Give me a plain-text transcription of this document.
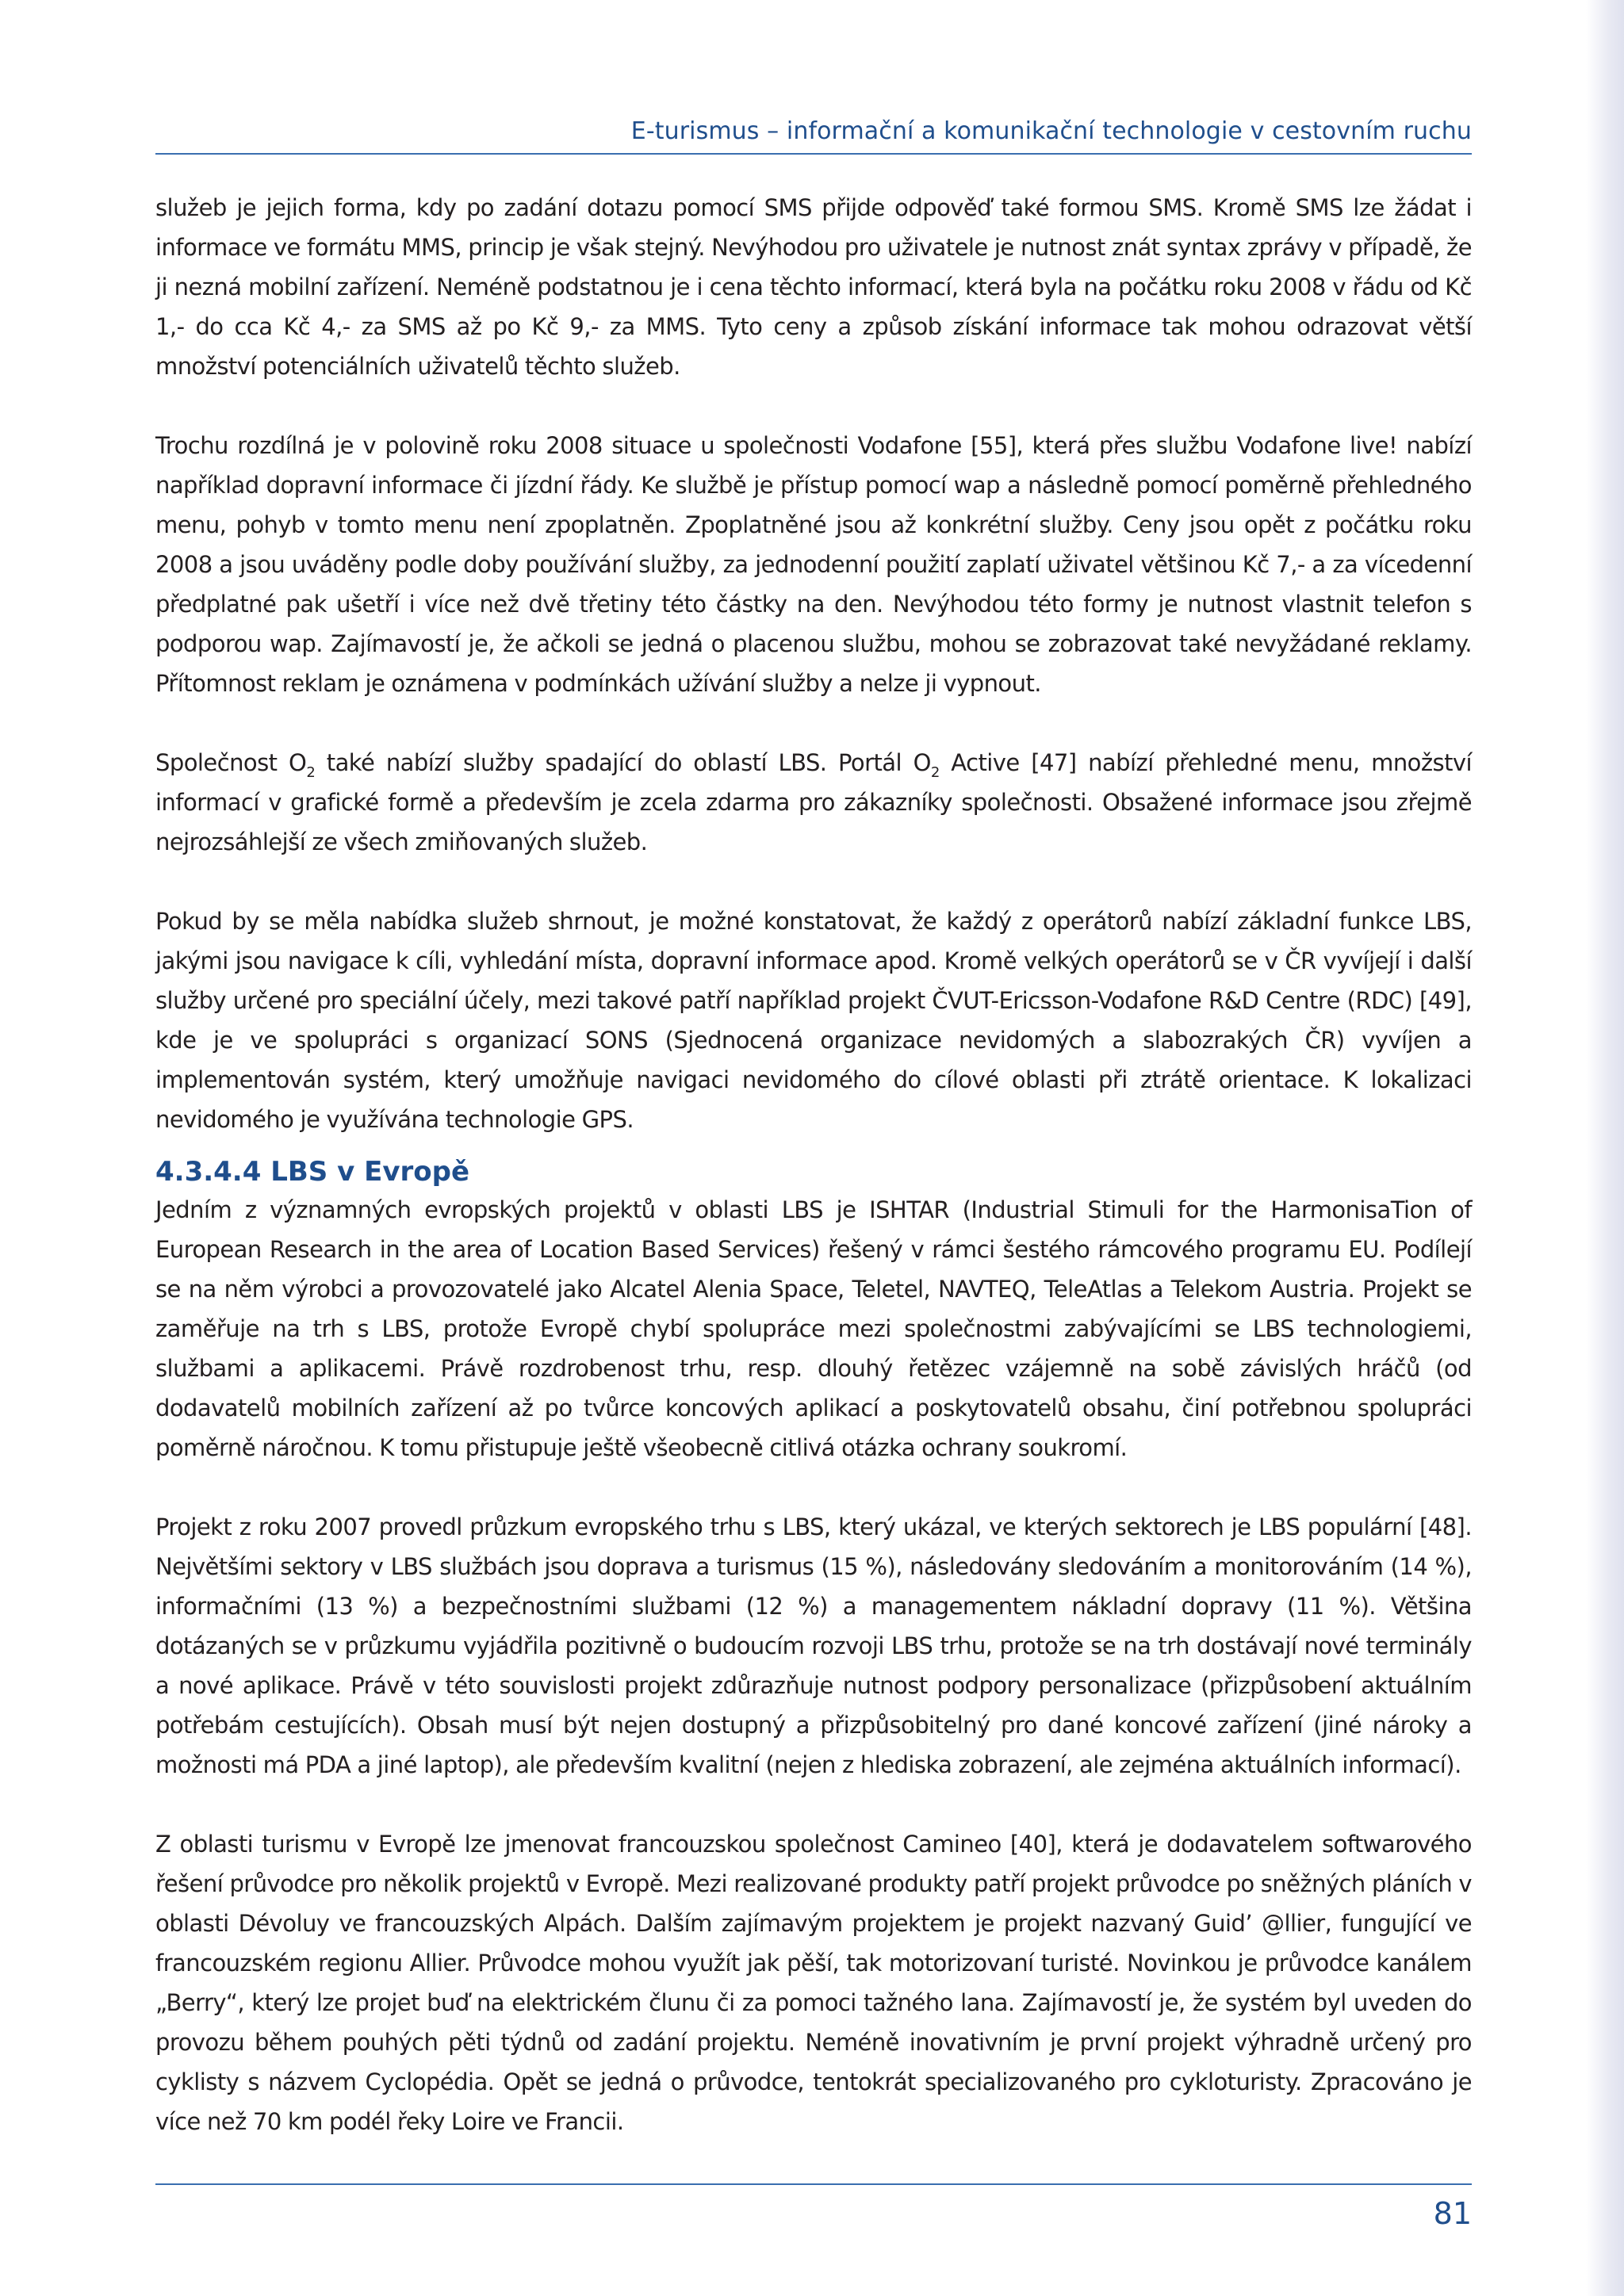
E-turismus – informační a komunikační technologie v cestovním ruchu

služeb je jejich forma, kdy po zadání dotazu pomocí SMS přijde odpověď také formou SMS. Kromě SMS lze žádat i informace ve formátu MMS, princip je však stejný. Nevýhodou pro uživatele je nutnost znát syntax zprávy v případě, že ji nezná mobilní zařízení. Neméně podstatnou je i cena těchto informací, která byla na počátku roku 2008 v řádu od Kč 1,- do cca Kč 4,- za SMS až po Kč 9,- za MMS. Tyto ceny a způsob získání informace tak mohou odrazovat větší množství potenciálních uživatelů těchto služeb.

Trochu rozdílná je v polovině roku 2008 situace u společnosti Vodafone [55], která přes službu Vodafone live! nabízí například dopravní informace či jízdní řády. Ke službě je přístup pomocí wap a následně pomocí poměrně přehledného menu, pohyb v tomto menu není zpoplatněn. Zpoplatněné jsou až konkrétní služby. Ceny jsou opět z počátku roku 2008 a jsou uváděny podle doby používání služby, za jednodenní použití zaplatí uživatel většinou Kč 7,- a za vícedenní předplatné pak ušetří i více než dvě třetiny této částky na den. Nevýhodou této formy je nutnost vlastnit telefon s podporou wap. Zajímavostí je, že ačkoli se jedná o placenou službu, mohou se zobrazovat také nevyžádané reklamy. Přítomnost reklam je oznámena v podmínkách užívání služby a nelze ji vypnout.

Společnost $O_2$ také nabízí služby spadající do oblastí LBS. Portál $O_2$ Active [47] nabízí přehledné menu, množství informací v grafické formě a především je zcela zdarma pro zákazníky společnosti. Obsažené informace jsou zřejmě nejrozsáhlejší ze všech zmiňovaných služeb.

Pokud by se měla nabídka služeb shrnout, je možné konstatovat, že každý z operátorů nabízí základní funkce LBS, jakými jsou navigace k cíli, vyhledání místa, dopravní informace apod. Kromě velkých operátorů se v ČR vyvíjejí i další služby určené pro speciální účely, mezi takové patří například projekt ČVUT-Ericsson-Vodafone R&D Centre (RDC) [49], kde je ve spolupráci s organizací SONS (Sjednocená organizace nevidomých a slabozrakých ČR) vyvíjen a implementován systém, který umožňuje navigaci nevidomého do cílové oblasti při ztrátě orientace. K lokalizaci nevidomého je využívána technologie GPS.

4.3.4.4 LBS v Evropě

Jedním z významných evropských projektů v oblasti LBS je ISHTAR (Industrial Stimuli for the HarmonisaTion of European Research in the area of Location Based Services) řešený v rámci šestého rámcového programu EU. Podílejí se na něm výrobci a provozovatelé jako Alcatel Alenia Space, Teletel, NAVTEQ, TeleAtlas a Telekom Austria. Projekt se zaměřuje na trh s LBS, protože Evropě chybí spolupráce mezi společnostmi zabývajícími se LBS technologiemi, službami a aplikacemi. Právě rozdrobenost trhu, resp. dlouhý řetězec vzájemně na sobě závislých hráčů (od dodavatelů mobilních zařízení až po tvůrce koncových aplikací a poskytovatelů obsahu, činí potřebnou spolupráci poměrně náročnou. K tomu přistupuje ještě všeobecně citlivá otázka ochrany soukromí.

Projekt z roku 2007 provedl průzkum evropského trhu s LBS, který ukázal, ve kterých sektorech je LBS populární [48]. Největšími sektory v LBS službách jsou doprava a turismus (15 %), následovány sledováním a monitorováním (14 %), informačními (13 %) a bezpečnostními službami (12 %) a managementem nákladní dopravy (11 %). Většina dotázaných se v průzkumu vyjádřila pozitivně o budoucím rozvoji LBS trhu, protože se na trh dostávají nové terminály a nové aplikace. Právě v této souvislosti projekt zdůrazňuje nutnost podpory personalizace (přizpůsobení aktuálním potřebám cestujících). Obsah musí být nejen dostupný a přizpůsobitelný pro dané koncové zařízení (jiné nároky a možnosti má PDA a jiné laptop), ale především kvalitní (nejen z hlediska zobrazení, ale zejména aktuálních informací).

Z oblasti turismu v Evropě lze jmenovat francouzskou společnost Camineo [40], která je dodavatelem softwarového řešení průvodce pro několik projektů v Evropě. Mezi realizované produkty patří projekt průvodce po sněžných pláních v oblasti Dévoluy ve francouzských Alpách. Dalším zajímavým projektem je projekt nazvaný Guid’ @llier, fungující ve francouzském regionu Allier. Průvodce mohou využít jak pěší, tak motorizovaní turisté. Novinkou je průvodce kanálem „Berry“, který lze projet buď na elektrickém člunu či za pomoci tažného lana. Zajímavostí je, že systém byl uveden do provozu během pouhých pěti týdnů od zadání projektu. Neméně inovativním je první projekt výhradně určený pro cyklisty s názvem Cyclopédia. Opět se jedná o průvodce, tentokrát specializovaného pro cykloturisty. Zpracováno je více než 70 km podél řeky Loire ve Francii.

81
